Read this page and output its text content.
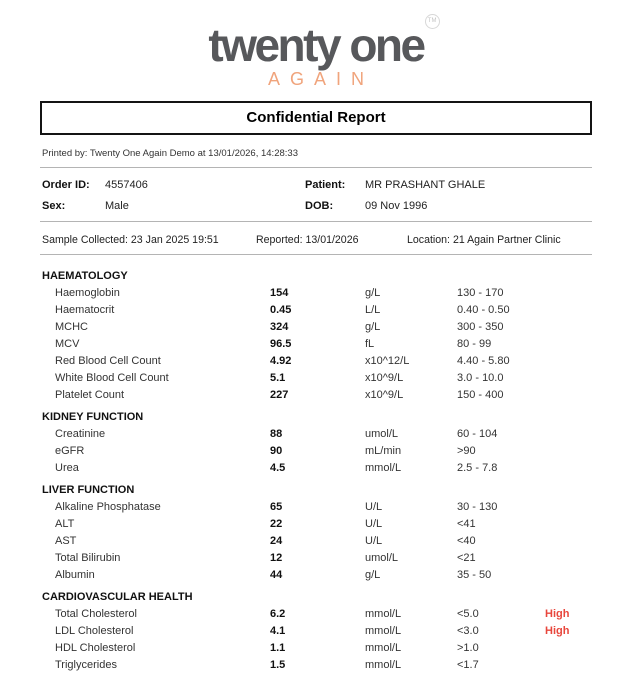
twenty one TM
AGAIN
Confidential Report

Printed by: Twenty One Again Demo at 13/01/2026, 14:28:33

Order ID:	4557406	Patient:	MR PRASHANT GHALE
Sex:	Male	DOB:	09 Nov 1996
Sample Collected: 23 Jan 2025 19:51	Reported: 13/01/2026	Location: 21 Again Partner Clinic
HAEMATOLOGY
Haemoglobin	154	g/L	130 - 170
Haematocrit	0.45	L/L	0.40 - 0.50
MCHC	324	g/L	300 - 350
MCV	96.5	fL	80 - 99
Red Blood Cell Count	4.92	x10^12/L	4.40 - 5.80
White Blood Cell Count	5.1	x10^9/L	3.0 - 10.0
Platelet Count	227	x10^9/L	150 - 400
KIDNEY FUNCTION
Creatinine	88	umol/L	60 - 104
eGFR	90	mL/min	>90
Urea	4.5	mmol/L	2.5 - 7.8
LIVER FUNCTION
Alkaline Phosphatase	65	U/L	30 - 130
ALT	22	U/L	<41
AST	24	U/L	<40
Total Bilirubin	12	umol/L	<21
Albumin	44	g/L	35 - 50
CARDIOVASCULAR HEALTH
Total Cholesterol	6.2	mmol/L	<5.0	High
LDL Cholesterol	4.1	mmol/L	<3.0	High
HDL Cholesterol	1.1	mmol/L	>1.0
Triglycerides	1.5	mmol/L	<1.7
